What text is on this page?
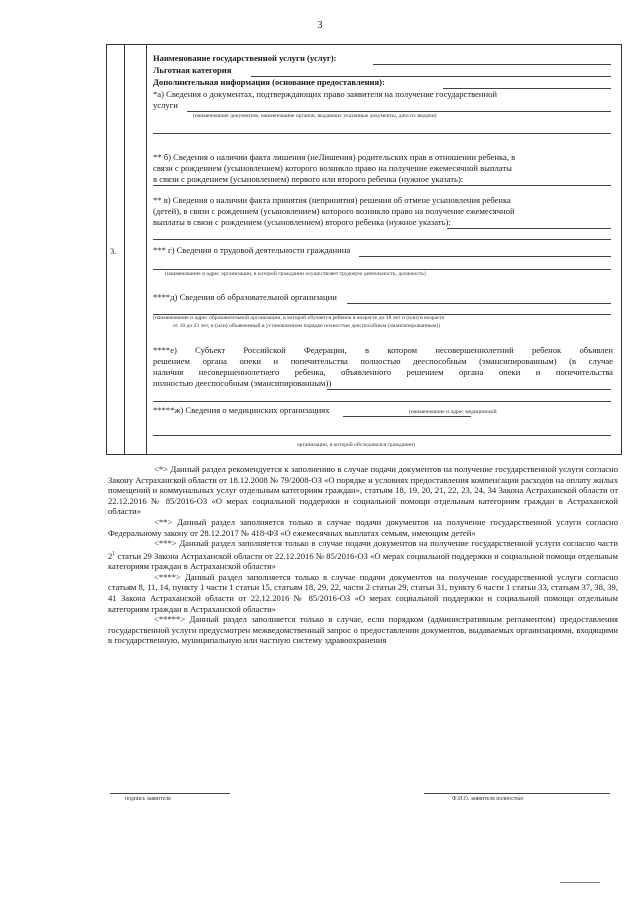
3
3.
Наименование государственной услуги (услуг):
Льготная категория
Дополнительная информация (основание предоставления):
*а) Сведения о документах, подтверждающих право заявителя на получение государственной
услуги
(наименование документов, наименование органов, выдавших указанные документы, дата их выдачи)
** б) Сведения о наличии факта лишения (неЛишения) родительских прав в отношении ребенка, в
связи с рождением (усыновлением) которого возникло право на получение ежемесячной выплаты
в связи с рождением (усыновлением) первого или второго ребенка (нужное указать):
** в) Сведения о наличии факта принятия (непринятия) решения об отмене усыновления ребенка
(детей), в связи с рождением (усыновлением) которого возникло право на получение ежемесячной
выплаты в связи с рождением (усыновлением) второго ребенка (нужное указать):
*** г) Сведения о трудовой деятельности гражданина
(наименование и адрес организации, в которой гражданин осуществляет трудовую деятельность, должность)
****д) Сведения об образовательной организации
(наименование и адрес образовательной организации, в которой обучается ребенок в возрасте до 18 лет и (или) в возрасте
от 18 до 23 лет, и (или) объявленный в установленном порядке полностью дееспособным (эмансипированным))
****е) Субъект Российской Федерации, в котором несовершеннолетний ребенок объявлен
решением органа опеки и попечительства полностью дееспособным (эмансипированным) (в случае
наличия несовершеннолетнего ребенка, объявленного решением органа опеки и попечительства
полностью дееспособным (эмансипированным))
*****ж) Сведения о медицинских организациях	(наименование и адрес медицинской
организации, в которой обследовался гражданин)

<*> Данный раздел рекомендуется к заполнению в случае подачи документов на получение государственной услуги согласно Закону Астраханской области от 18.12.2008 № 79/2008-ОЗ «О порядке и условиях предоставления компенсации расходов на оплату жилых помещений и коммунальных услуг отдельным категориям граждан», статьям 18, 19, 20, 21, 22, 23, 24, 34 Закона Астраханской области от 22.12.2016 № 85/2016-ОЗ «О мерах социальной поддержки и социальной помощи отдельным категориям граждан в Астраханской области»

<**> Данный раздел заполняется только в случае подачи документов на получение государственной услуги согласно Федеральному закону от 28.12.2017 № 418-ФЗ «О ежемесячных выплатах семьям, имеющим детей»

<***> Данный раздел заполняется только в случае подачи документов на получение государственной услуги согласно части $2^1$ статьи 29 Закона Астраханской области от 22.12.2016 № 85/2016-ОЗ «О мерах социальной поддержки и социальной помощи отдельным категориям граждан в Астраханской области»

<****> Данный раздел заполняется только в случае подачи документов на получение государственной услуги согласно статьям 8, 11, 14, пункту 1 части 1 статьи 15, статьям 18, 29, 22, части 2 статьи 29, статьи 31, пункту 6 части 1 статьи 33, статьям 37, 38, 39, 41 Закона Астраханской области от 22.12.2016 № 85/2016-ОЗ «О мерах социальной поддержки и социальной помощи отдельным категориям граждан в Астраханской области»

<*****> Данный раздел заполняется только в случае, если порядком (административным регламентом) предоставления государственной услуги предусмотрен межведомственный запрос о предоставлении документов, выдаваемых организациями, входящими в государственную, муниципальную или частную систему здравоохранения

подпись заявителя	Ф.И.О. заявителя полностью
